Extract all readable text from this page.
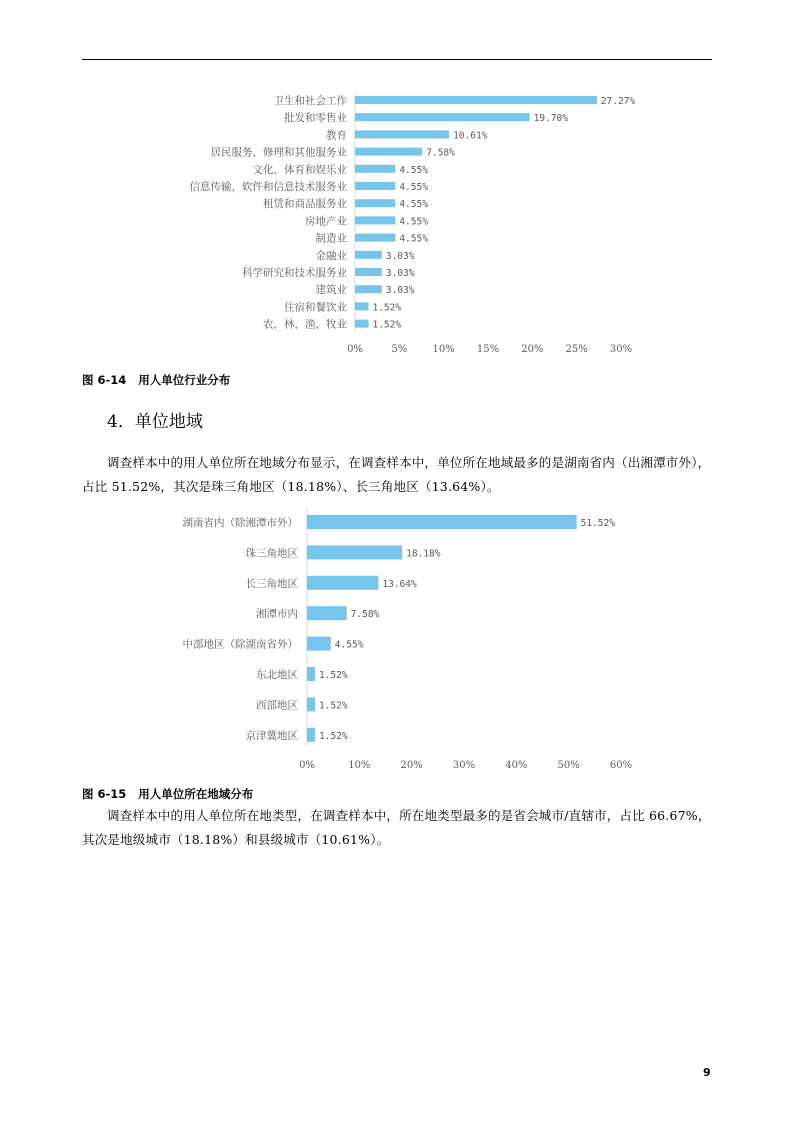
卫生和社会工作	27.27%
批发和零售业	19.70%
教育	10.61%
居民服务，修理和其他服务业	7.58%
文化，体育和娱乐业	4.55%
信息传输，软件和信息技术服务业	4.55%
租赁和商品服务业	4.55%
房地产业	4.55%
制造业	4.55%
金融业	3.03%
科学研究和技术服务业	3.03%
建筑业	3.03%
住宿和餐饮业	1.52%
农，林，渔，牧业	1.52%
0%	5%	10% 15% 20% 25% 30%
图 6-14 用人单位行业分布
4．单位地域
调查样本中的用人单位所在地域分布显示，在调查样本中，单位所在地域最多的是湖南省内（出湘潭市外），占比 51.52%，其次是珠三角地区（18.18%）、长三角地区（13.64%）。
湖南省内（除湘潭市外）	51.52%
珠三角地区	18.18%
长三角地区	13.64%
湘潭市内	7.58%
中部地区（除湖南省外）	4.55%
东北地区 1.52%
西部地区 1.52%
京津冀地区 1.52%
0%	10%	20%	30%	40%	50%	60%
图 6-15 用人单位所在地域分布
调查样本中的用人单位所在地类型，在调查样本中，所在地类型最多的是省会城市/直辖市，占比 66.67%，其次是地级城市（18.18%）和县级城市（10.61%）。
9
